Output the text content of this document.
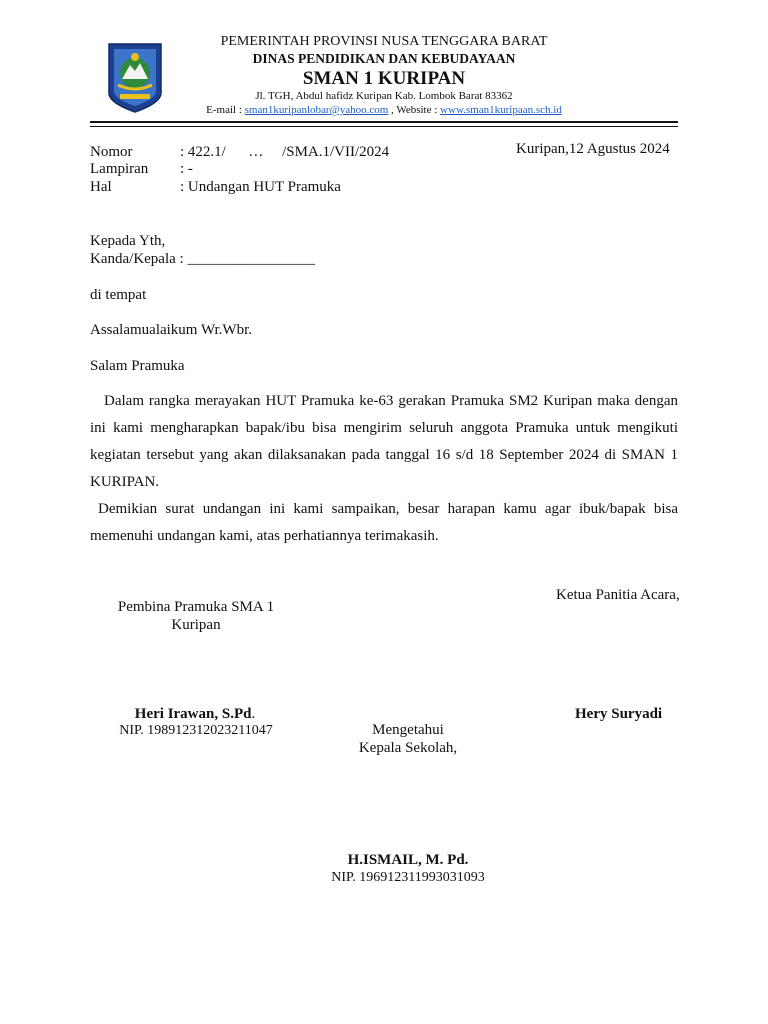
PEMERINTAH PROVINSI NUSA TENGGARA BARAT
DINAS PENDIDIKAN DAN KEBUDAYAAN
SMAN 1 KURIPAN
Jl. TGH, Abdul hafidz Kuripan Kab. Lombok Barat 83362
E-mail : sman1kuripanlobar@yahoo.com , Website : www.sman1kuripaan.sch.id
Kuripan,12 Agustus 2024
Nomor	: 422.1/      …     /SMA.1/VII/2024
Lampiran : -
Hal	: Undangan HUT Pramuka
Kepada Yth,
Kanda/Kepala : _________________
di tempat
Assalamualaikum Wr.Wbr.
Salam Pramuka

Dalam rangka merayakan HUT Pramuka ke-63 gerakan Pramuka SM2 Kuripan maka dengan ini kami mengharapkan bapak/ibu bisa mengirim seluruh anggota Pramuka untuk mengikuti kegiatan tersebut yang akan dilaksanakan pada tanggal 16 s/d 18 September 2024 di SMAN 1 KURIPAN.

Demikian surat undangan ini kami sampaikan, besar harapan kamu agar ibuk/bapak bisa memenuhi undangan kami, atas perhatiannya terimakasih.

Ketua Panitia Acara,
Pembina Pramuka SMA 1
Kuripan
Heri Irawan, S.Pd.	Hery Suryadi
NIP. 198912312023211047	Mengetahui
Kepala Sekolah,
H.ISMAIL, M. Pd.
NIP. 196912311993031093
